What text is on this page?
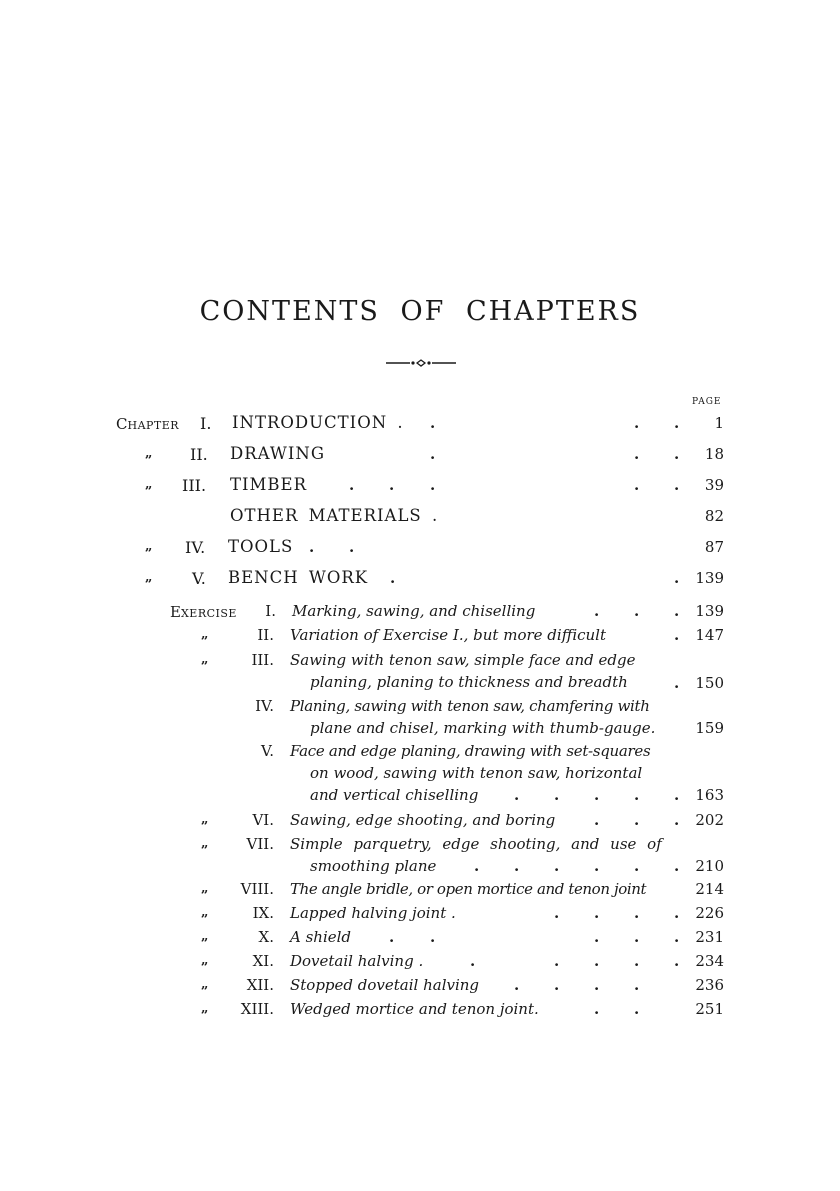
CONTENTS OF CHAPTERS
PAGE
CHAPTER I. INTRODUCTION . .	. .	1
„ II. DRAWING	.	. .	18
„ III. TIMBER	. . .	. .	39
OTHER MATERIALS .	82
„ IV. TOOLS . .	87
„ V. BENCH WORK .	.	139
EXERCISE	I. Marking, sawing, and chiselling	. . .	139
„	II. Variation of Exercise I., but more difficult	.	147
„	III. Sawing with tenon saw, simple face and edge
planing, planing to thickness and breadth	.	150
IV. Planing, sawing with tenon saw, chamfering with
plane and chisel, marking with thumb-gauge.	159
V. Face and edge planing, drawing with set-squares
on wood, sawing with tenon saw, horizontal
and vertical chiselling . . . . .	163
„	VI. Sawing, edge shooting, and boring	. . .	202
„	VII. Simple parquetry, edge shooting, and use of
smoothing plane	. . . . . .	210
„	VIII. The angle bridle, or open mortice and tenon joint	214
„	IX. Lapped halving joint .	. . . .	226
„	X. A shield	. .	. . .	231
„	XI. Dovetail halving .	.	. . . .	234
„	XII. Stopped dovetail halving . . . .	236
„	XIII. Wedged mortice and tenon joint.	. .	251
